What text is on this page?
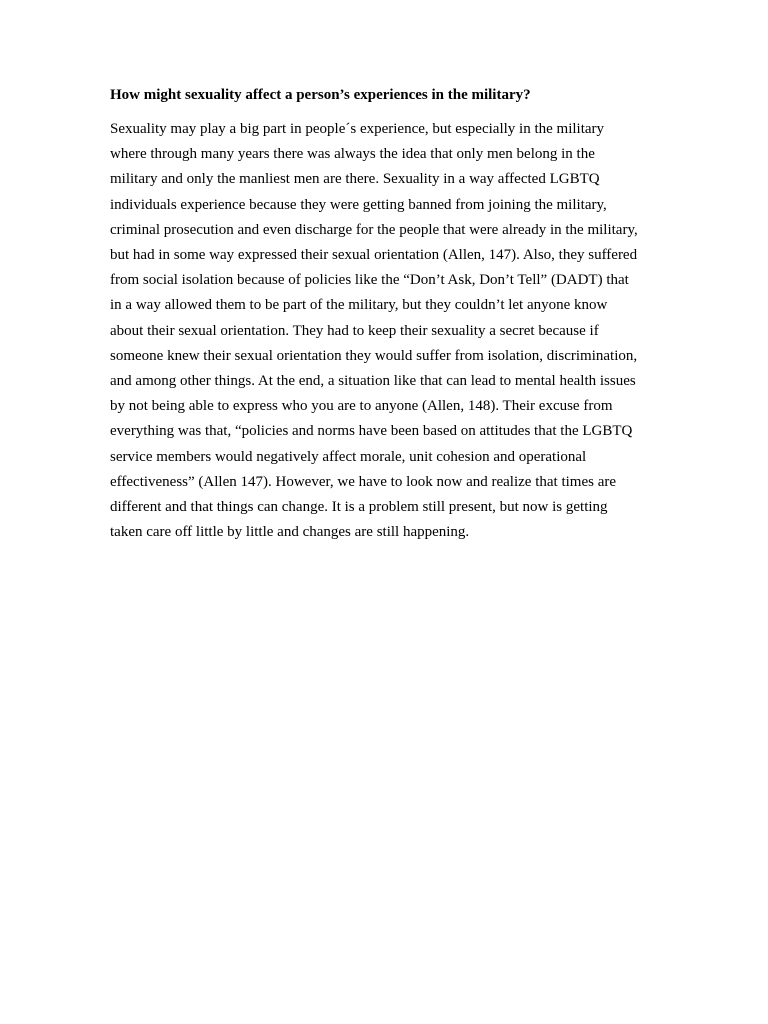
How might sexuality affect a person’s experiences in the military?
Sexuality may play a big part in people´s experience, but especially in the military
where through many years there was always the idea that only men belong in the
military and only the manliest men are there. Sexuality in a way affected LGBTQ
individuals experience because they were getting banned from joining the military,
criminal prosecution and even discharge for the people that were already in the military,
but had in some way expressed their sexual orientation (Allen, 147). Also, they suffered
from social isolation because of policies like the “Don’t Ask, Don’t Tell” (DADT) that
in a way allowed them to be part of the military, but they couldn’t let anyone know
about their sexual orientation. They had to keep their sexuality a secret because if
someone knew their sexual orientation they would suffer from isolation, discrimination,
and among other things. At the end, a situation like that can lead to mental health issues
by not being able to express who you are to anyone (Allen, 148). Their excuse from
everything was that, “policies and norms have been based on attitudes that the LGBTQ
service members would negatively affect morale, unit cohesion and operational
effectiveness” (Allen 147). However, we have to look now and realize that times are
different and that things can change. It is a problem still present, but now is getting
taken care off little by little and changes are still happening.
